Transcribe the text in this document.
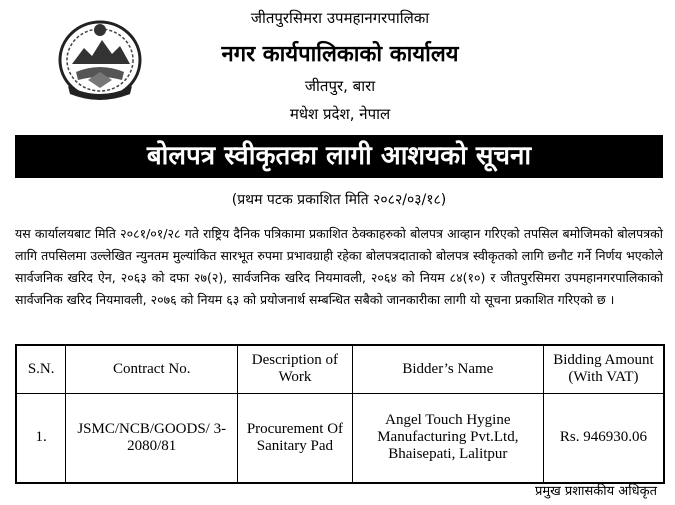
जीतपुरसिमरा उपमहानगरपालिका
नगर कार्यपालिकाको कार्यालय
जीतपुर, बारा
मधेश प्रदेश, नेपाल
बोलपत्र स्वीकृतका लागी आशयको सूचना
(प्रथम पटक प्रकाशित मिति २०८२/०३/१८)
यस कार्यालयबाट मिति २०८१/०१/२८ गते राष्ट्रिय दैनिक पत्रिकामा प्रकाशित ठेक्काहरुको बोलपत्र आव्हान गरिएको तपसिल बमोजिमको बोलपत्रको लागि तपसिलमा उल्लेखित न्युनतम मुल्यांकित सारभूत रुपमा प्रभावग्राही रहेका बोलपत्रदाताको बोलपत्र स्वीकृतको लागि छनौट गर्ने निर्णय भएकोले सार्वजनिक खरिद ऐन, २०६३ को दफा २७(२), सार्वजनिक खरिद नियमावली, २०६४ को नियम ८४(१०) र जीतपुरसिमरा उपमहानगरपालिकाको सार्वजनिक खरिद नियमावली, २०७६ को नियम ६३ को प्रयोजनार्थ सम्बन्धित सबैको जानकारीका लागी यो सूचना प्रकाशित गरिएको छ ।
S.N.	Contract No.	Description of Work	Bidder’s Name	Bidding Amount (With VAT)
1.	JSMC/NCB/GOODS/ 3-2080/81	Procurement Of Sanitary Pad	Angel Touch Hygine Manufacturing Pvt.Ltd, Bhaisepati, Lalitpur	Rs. 946930.06
प्रमुख प्रशासकीय अधिकृत
